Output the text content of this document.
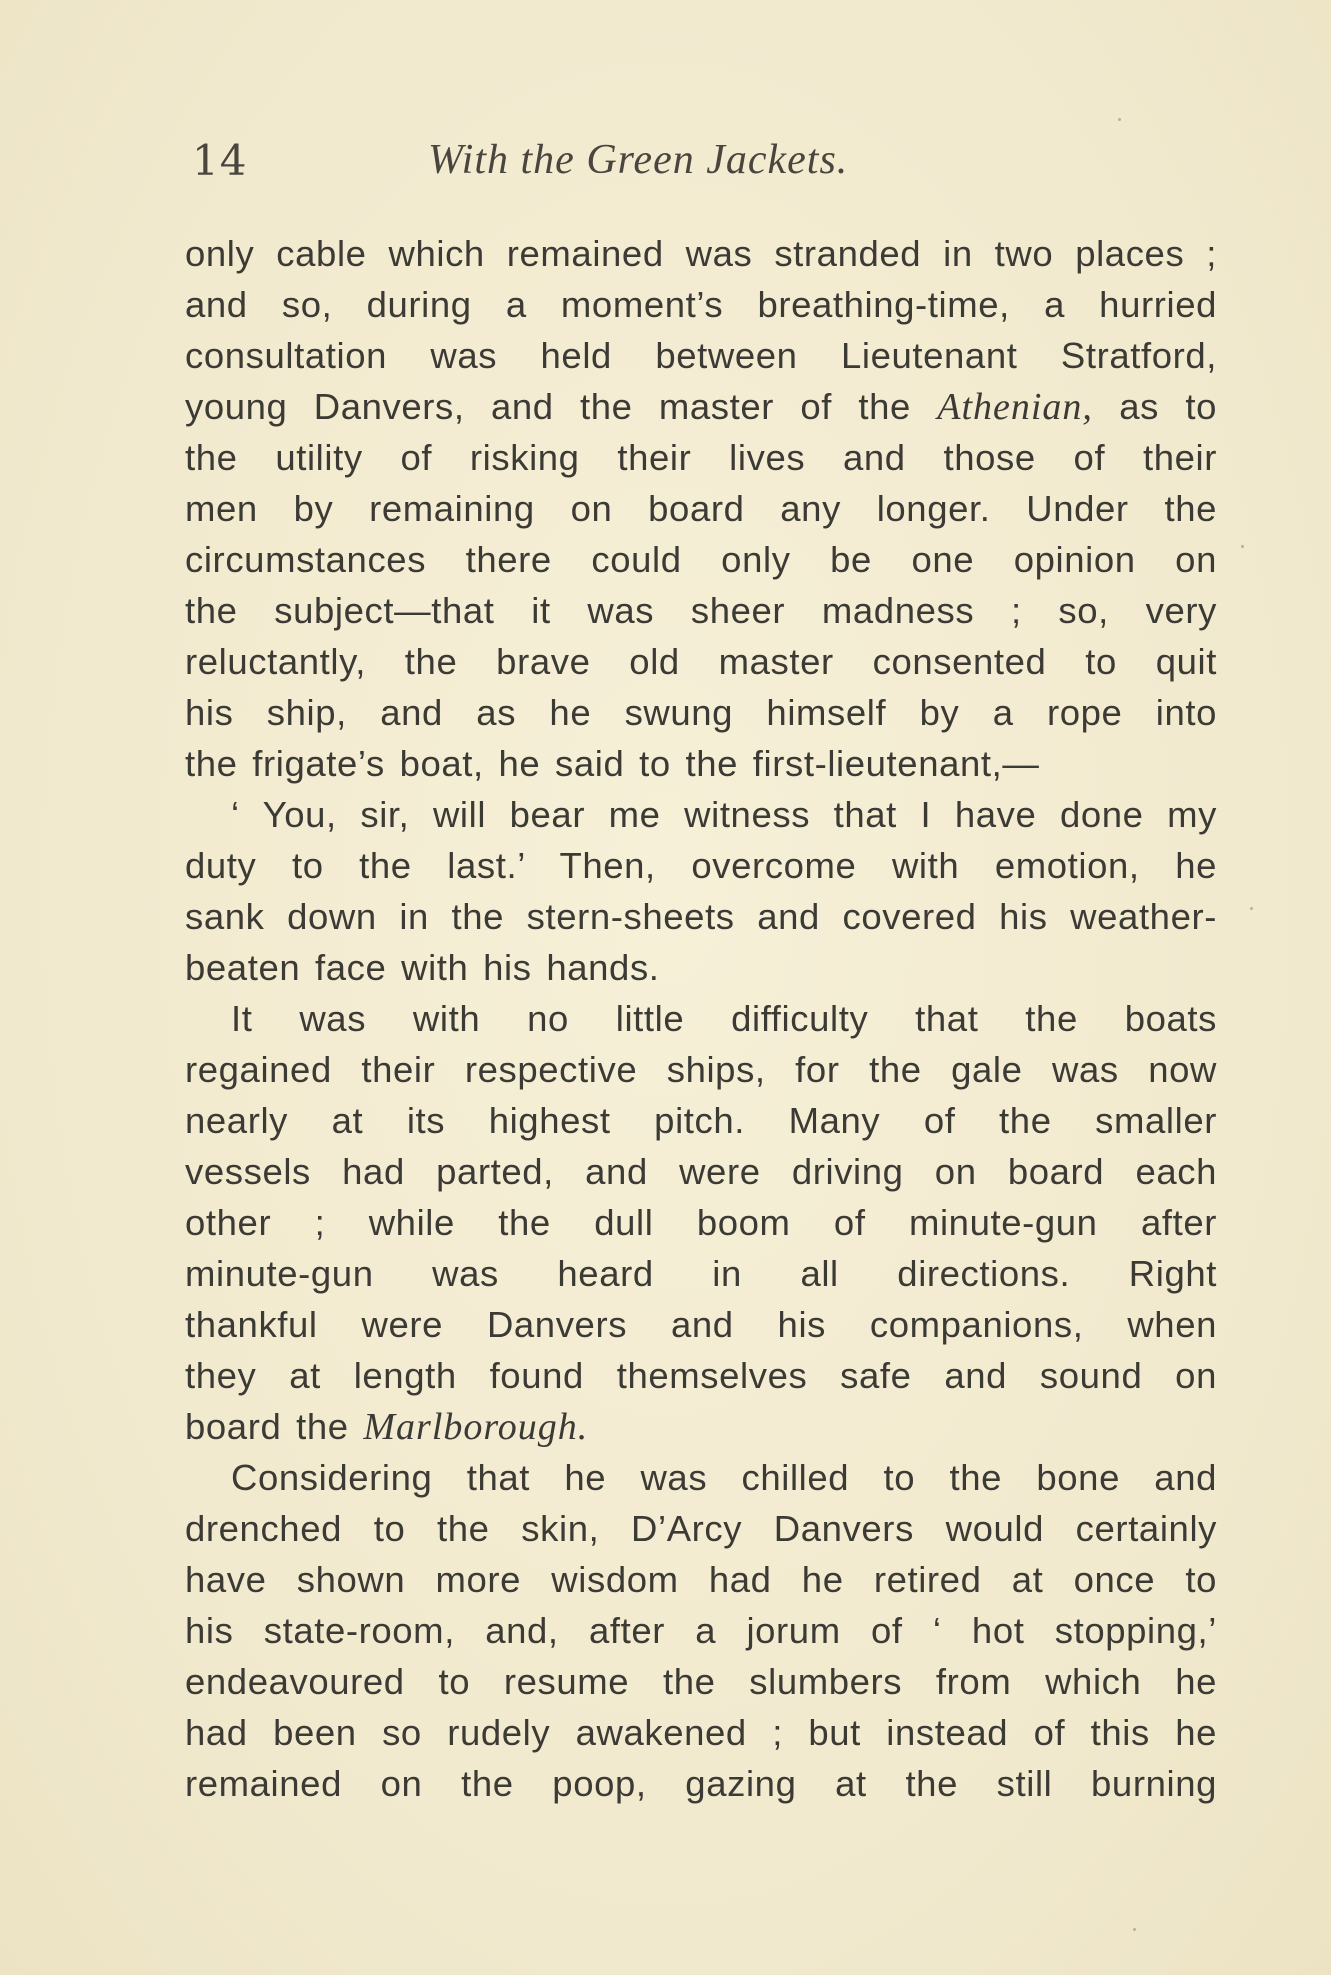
14	With the Green Jackets.
only cable which remained was stranded in two places ;
and so, during a moment’s breathing-time, a hurried
consultation was held between Lieutenant Stratford,
young Danvers, and the master of the Athenian, as to
the utility of risking their lives and those of their
men by remaining on board any longer. Under the
circumstances there could only be one opinion on
the subject—that it was sheer madness ; so, very
reluctantly, the brave old master consented to quit
his ship, and as he swung himself by a rope into
the frigate’s boat, he said to the first-lieutenant,—
‘ You, sir, will bear me witness that I have done my
duty to the last.’ Then, overcome with emotion, he
sank down in the stern-sheets and covered his weather-
beaten face with his hands.
It was with no little difficulty that the boats
regained their respective ships, for the gale was now
nearly at its highest pitch. Many of the smaller
vessels had parted, and were driving on board each
other ; while the dull boom of minute-gun after
minute-gun was heard in all directions. Right
thankful were Danvers and his companions, when
they at length found themselves safe and sound on
board the Marlborough.
Considering that he was chilled to the bone and
drenched to the skin, D’Arcy Danvers would certainly
have shown more wisdom had he retired at once to
his state-room, and, after a jorum of ‘ hot stopping,’
endeavoured to resume the slumbers from which he
had been so rudely awakened ; but instead of this he
remained on the poop, gazing at the still burning
